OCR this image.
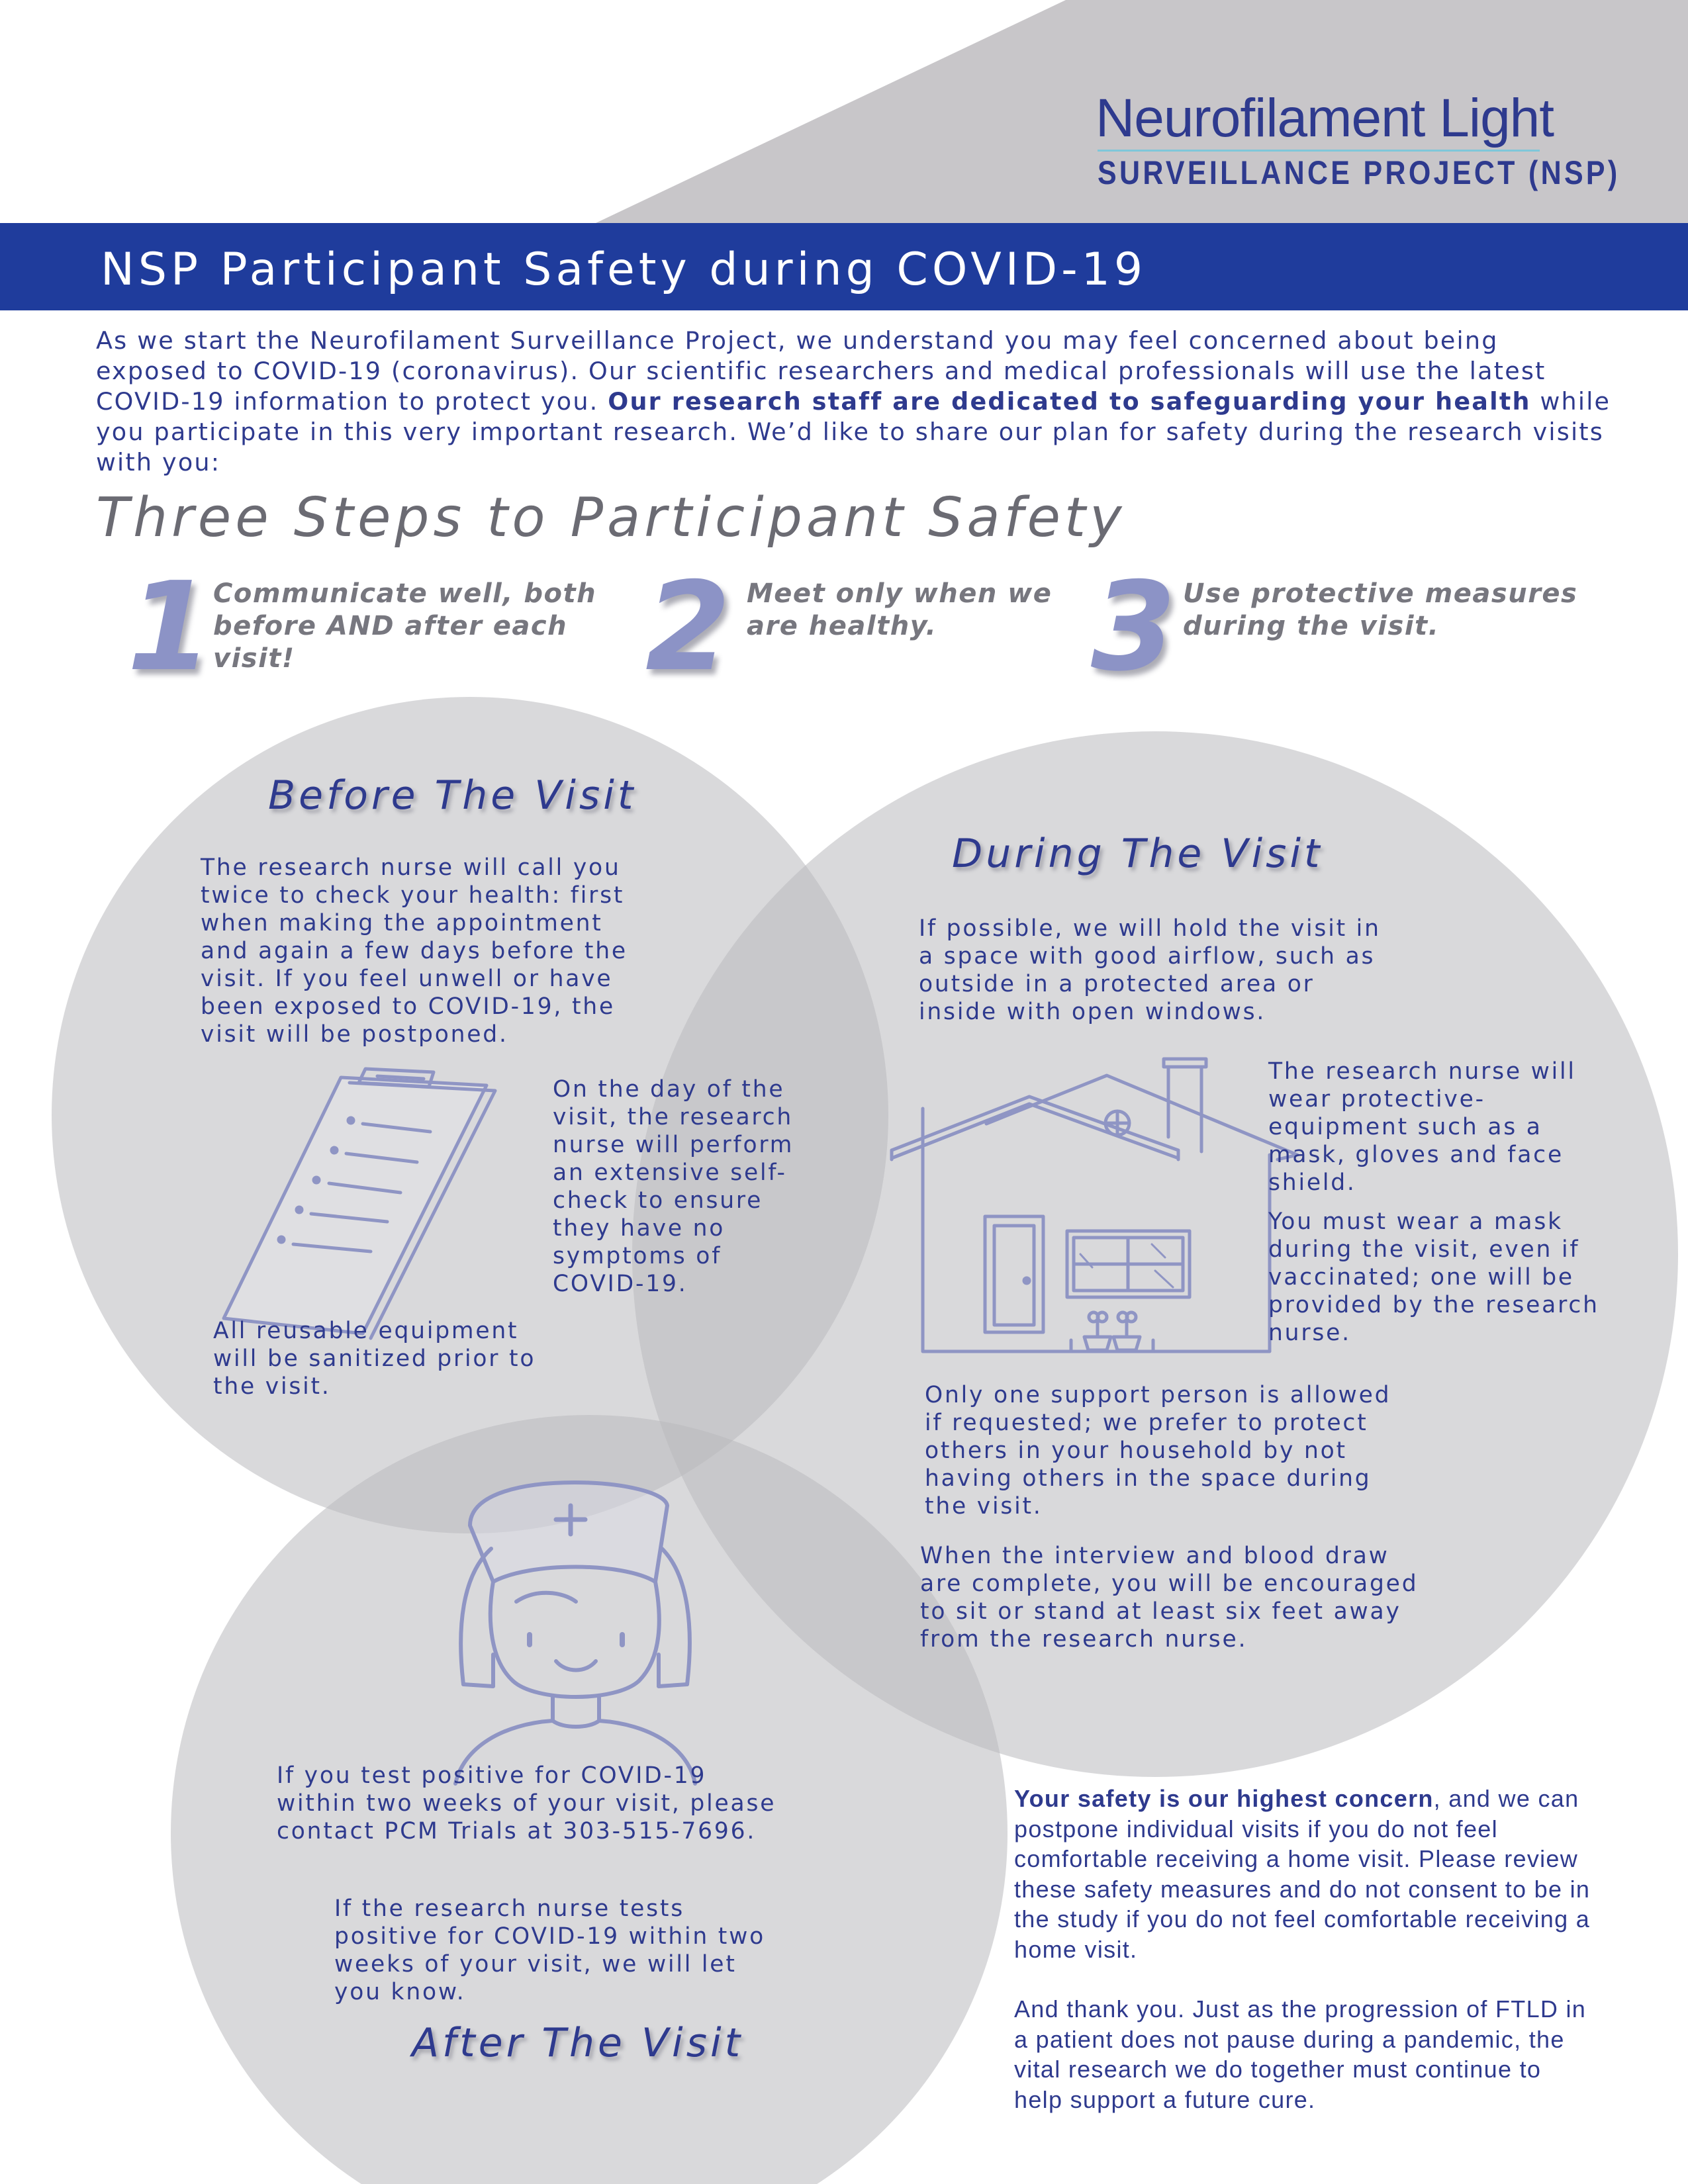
Neurofilament Light
SURVEILLANCE PROJECT (NSP)
NSP Participant Safety during COVID-19
As we start the Neurofilament Surveillance Project, we understand you may feel concerned about being exposed to COVID-19 (coronavirus). Our scientific researchers and medical professionals will use the latest COVID-19 information to protect you. Our research staff are dedicated to safeguarding your health while you participate in this very important research. We’d like to share our plan for safety during the research visits with you:
Three Steps to Participant Safety
1 Communicate well, both before AND after each visit!	2 Meet only when we are healthy.	3 Use protective measures during the visit.
Before The Visit
The research nurse will call you twice to check your health: first when making the appointment and again a few days before the visit. If you feel unwell or have been exposed to COVID-19, the visit will be postponed.
On the day of the visit, the research nurse will perform an extensive self-check to ensure they have no symptoms of COVID-19.
All reusable equipment will be sanitized prior to the visit.
During The Visit
If possible, we will hold the visit in a space with good airflow, such as outside in a protected area or inside with open windows.
The research nurse will wear protective-equipment such as a mask, gloves and face shield.
You must wear a mask during the visit, even if vaccinated; one will be provided by the research nurse.
Only one support person is allowed if requested; we prefer to protect others in your household by not having others in the space during the visit.
When the interview and blood draw are complete, you will be encouraged to sit or stand at least six feet away from the research nurse.
If you test positive for COVID-19 within two weeks of your visit, please contact PCM Trials at 303-515-7696.
If the research nurse tests positive for COVID-19 within two weeks of your visit, we will let you know.
After The Visit

Your safety is our highest concern, and we can postpone individual visits if you do not feel comfortable receiving a home visit. Please review these safety measures and do not consent to be in the study if you do not feel comfortable receiving a home visit.

And thank you. Just as the progression of FTLD in a patient does not pause during a pandemic, the vital research we do together must continue to help support a future cure.
